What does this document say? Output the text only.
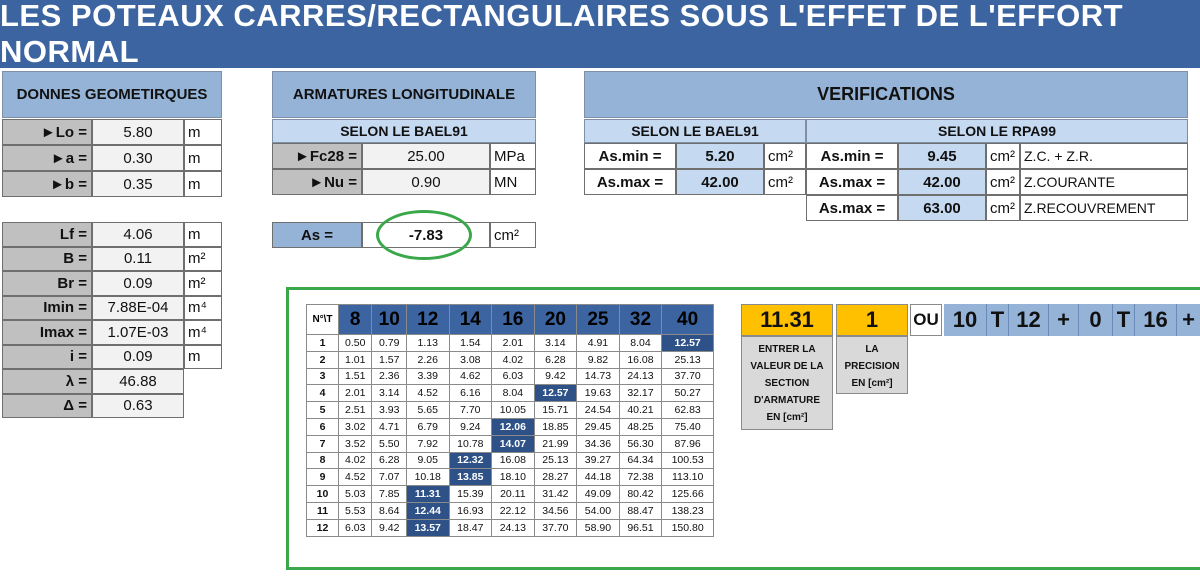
LES POTEAUX CARRES/RECTANGULAIRES SOUS L'EFFET DE L'EFFORT NORMAL
DONNES GEOMETIRQUES
►Lo =	5.80	m
►a =	0.30	m
►b =	0.35	m
Lf =	4.06	m
B =	0.11	m²
Br =	0.09	m²
Imin =	7.88E-04	m⁴
Imax =	1.07E-03	m⁴
i =	0.09	m
λ =	46.88
Δ =	0.63
ARMATURES LONGITUDINALE
SELON LE BAEL91
►Fc28 =	25.00	MPa
►Nu =	0.90	MN
As =	-7.83	cm²
VERIFICATIONS
SELON LE BAEL91	SELON LE RPA99
As.min =	5.20	cm²
As.max =	42.00	cm²
As.min =	9.45	cm² Z.C. + Z.R.
As.max =	42.00	cm² Z.COURANTE
As.max =	63.00	cm² Z.RECOUVREMENT
N°\T	8	10	12	14	16	20	25	32	40
1	0.50	0.79	1.13	1.54	2.01	3.14	4.91	8.04	12.57
2	1.01	1.57	2.26	3.08	4.02	6.28	9.82	16.08	25.13
3	1.51	2.36	3.39	4.62	6.03	9.42	14.73	24.13	37.70
4	2.01	3.14	4.52	6.16	8.04	12.57	19.63	32.17	50.27
5	2.51	3.93	5.65	7.70	10.05	15.71	24.54	40.21	62.83
6	3.02	4.71	6.79	9.24	12.06	18.85	29.45	48.25	75.40
7	3.52	5.50	7.92	10.78	14.07	21.99	34.36	56.30	87.96
8	4.02	6.28	9.05	12.32	16.08	25.13	39.27	64.34	100.53
9	4.52	7.07	10.18	13.85	18.10	28.27	44.18	72.38	113.10
10	5.03	7.85	11.31	15.39	20.11	31.42	49.09	80.42	125.66
11	5.53	8.64	12.44	16.93	22.12	34.56	54.00	88.47	138.23
12	6.03	9.42	13.57	18.47	24.13	37.70	58.90	96.51	150.80
11.31	1
ENTRER LA VALEUR DE LA SECTION D'ARMATURE EN [cm²]
LA PRECISION EN [cm²]
OU 10 T 12 + 0 T 16 +
